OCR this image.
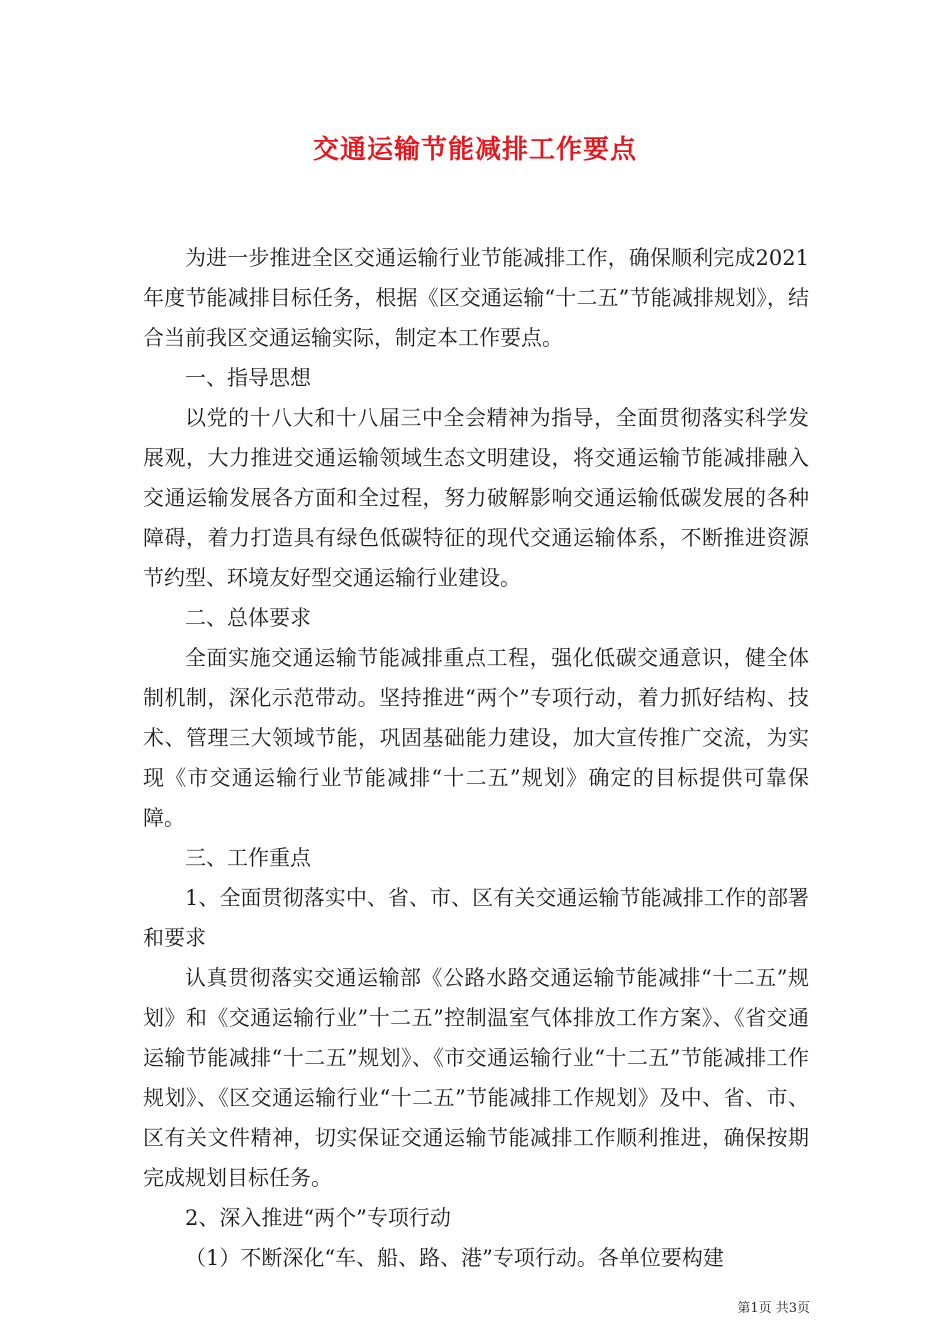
交通运输节能减排工作要点

为进一步推进全区交通运输行业节能减排工作，确保顺利完成2021年度节能减排目标任务，根据《区交通运输“十二五”节能减排规划》，结合当前我区交通运输实际，制定本工作要点。

一、指导思想

以党的十八大和十八届三中全会精神为指导，全面贯彻落实科学发展观，大力推进交通运输领域生态文明建设，将交通运输节能减排融入交通运输发展各方面和全过程，努力破解影响交通运输低碳发展的各种障碍，着力打造具有绿色低碳特征的现代交通运输体系，不断推进资源节约型、环境友好型交通运输行业建设。

二、总体要求

全面实施交通运输节能减排重点工程，强化低碳交通意识，健全体制机制，深化示范带动。坚持推进“两个”专项行动，着力抓好结构、技术、管理三大领域节能，巩固基础能力建设，加大宣传推广交流，为实现《市交通运输行业节能减排“十二五”规划》确定的目标提供可靠保障。

三、工作重点

1、全面贯彻落实中、省、市、区有关交通运输节能减排工作的部署和要求

认真贯彻落实交通运输部《公路水路交通运输节能减排“十二五”规划》和《交通运输行业”十二五”控制温室气体排放工作方案》、《省交通运输节能减排“十二五”规划》、《市交通运输行业“十二五”节能减排工作规划》、《区交通运输行业“十二五”节能减排工作规划》及中、省、市、区有关文件精神，切实保证交通运输节能减排工作顺利推进，确保按期完成规划目标任务。

2、深入推进“两个”专项行动

（1）不断深化“车、船、路、港”专项行动。各单位要构建

第1页 共3页
